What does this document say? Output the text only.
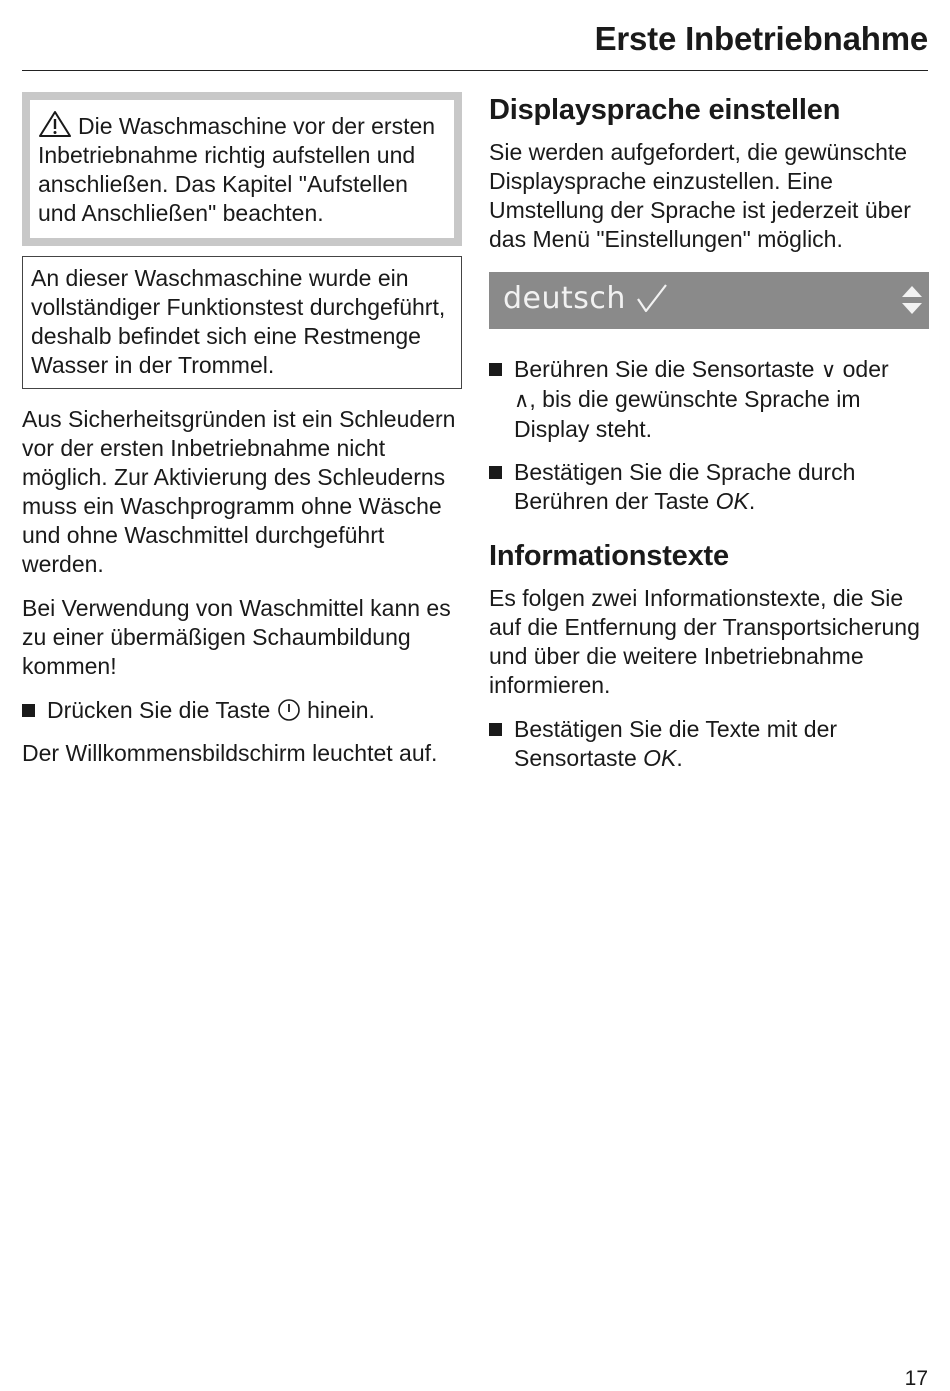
Erste Inbetriebnahme
Die Waschmaschine vor der ersten Inbetriebnahme richtig aufstellen und anschließen. Das Kapitel "Aufstellen und Anschließen" beachten.
An dieser Waschmaschine wurde ein vollständiger Funktionstest durchgeführt, deshalb befindet sich eine Restmenge Wasser in der Trommel.

Aus Sicherheitsgründen ist ein Schleudern vor der ersten Inbetriebnahme nicht möglich. Zur Aktivierung des Schleuderns muss ein Waschprogramm ohne Wäsche und ohne Waschmittel durchgeführt werden.

Bei Verwendung von Waschmittel kann es zu einer übermäßigen Schaumbildung kommen!

Drücken Sie die Taste hinein.

Der Willkommensbildschirm leuchtet auf.

Displaysprache einstellen

Sie werden aufgefordert, die gewünschte Displaysprache einzustellen. Eine Umstellung der Sprache ist jederzeit über das Menü "Einstellungen" möglich.

deutsch
Berühren Sie die Sensortaste ∨ oder
∧, bis die gewünschte Sprache im Display steht.
Bestätigen Sie die Sprache durch Berühren der Taste OK.
Informationstexte

Es folgen zwei Informationstexte, die Sie auf die Entfernung der Transportsicherung und über die weitere Inbetriebnahme informieren.

Bestätigen Sie die Texte mit der Sensortaste OK.

17
